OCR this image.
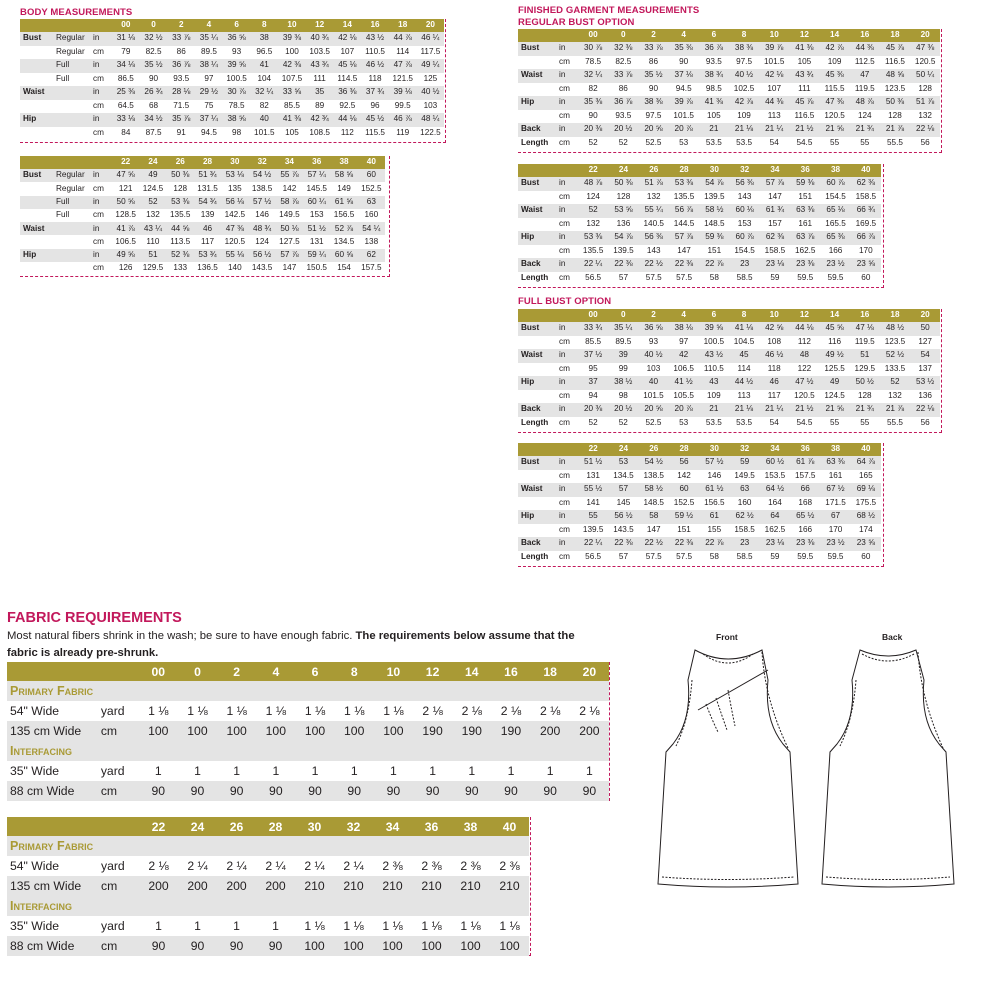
BODY MEASUREMENTS
			00	0	2	4	6	8	10	12	14	16	18	20
Bust	Regular	in	31 ⅛	32 ½	33 ⅞	35 ¼	36 ⅝	38	39 ⅜	40 ¾	42 ⅛	43 ½	44 ⅞	46 ¼
	Regular	cm	79	82.5	86	89.5	93	96.5	100	103.5	107	110.5	114	117.5
	Full	in	34 ⅛	35 ½	36 ⅞	38 ¼	39 ⅝	41	42 ⅜	43 ¾	45 ⅛	46 ½	47 ⅞	49 ¼
	Full	cm	86.5	90	93.5	97	100.5	104	107.5	111	114.5	118	121.5	125
Waist		in	25 ⅜	26 ¾	28 ⅛	29 ½	30 ⅞	32 ¼	33 ⅝	35	36 ⅜	37 ¾	39 ⅛	40 ½
		cm	64.5	68	71.5	75	78.5	82	85.5	89	92.5	96	99.5	103
Hip		in	33 ⅛	34 ½	35 ⅞	37 ¼	38 ⅝	40	41 ⅜	42 ¾	44 ⅛	45 ½	46 ⅞	48 ¼
		cm	84	87.5	91	94.5	98	101.5	105	108.5	112	115.5	119	122.5
			22	24	26	28	30	32	34	36	38	40
Bust	Regular	in	47 ⅝	49	50 ⅜	51 ¾	53 ⅛	54 ½	55 ⅞	57 ¼	58 ⅝	60
	Regular	cm	121	124.5	128	131.5	135	138.5	142	145.5	149	152.5
	Full	in	50 ⅝	52	53 ⅜	54 ¾	56 ⅛	57 ½	58 ⅞	60 ¼	61 ⅝	63
	Full	cm	128.5	132	135.5	139	142.5	146	149.5	153	156.5	160
Waist		in	41 ⅞	43 ¼	44 ⅝	46	47 ⅜	48 ¾	50 ⅛	51 ½	52 ⅞	54 ¼
		cm	106.5	110	113.5	117	120.5	124	127.5	131	134.5	138
Hip		in	49 ⅝	51	52 ⅜	53 ¾	55 ⅛	56 ½	57 ⅞	59 ¼	60 ⅝	62
		cm	126	129.5	133	136.5	140	143.5	147	150.5	154	157.5
FINISHED GARMENT MEASUREMENTS
REGULAR BUST OPTION
		00	0	2	4	6	8	10	12	14	16	18	20
Bust	in	30 ⅞	32 ⅜	33 ⅞	35 ⅜	36 ⅞	38 ⅜	39 ⅞	41 ⅜	42 ⅞	44 ⅜	45 ⅞	47 ⅜
	cm	78.5	82.5	86	90	93.5	97.5	101.5	105	109	112.5	116.5	120.5
Waist	in	32 ¼	33 ⅞	35 ½	37 ⅛	38 ¾	40 ½	42 ⅛	43 ¾	45 ⅜	47	48 ⅝	50 ¼
	cm	82	86	90	94.5	98.5	102.5	107	111	115.5	119.5	123.5	128
Hip	in	35 ⅜	36 ⅞	38 ⅜	39 ⅞	41 ⅜	42 ⅞	44 ⅜	45 ⅞	47 ⅜	48 ⅞	50 ⅜	51 ⅞
	cm	90	93.5	97.5	101.5	105	109	113	116.5	120.5	124	128	132
Back	in	20 ⅜	20 ½	20 ⅝	20 ⅞	21	21 ⅛	21 ¼	21 ½	21 ⅝	21 ¾	21 ⅞	22 ⅛
Length	cm	52	52	52.5	53	53.5	53.5	54	54.5	55	55	55.5	56
		22	24	26	28	30	32	34	36	38	40
Bust	in	48 ⅞	50 ⅜	51 ⅞	53 ⅜	54 ⅞	56 ⅜	57 ⅞	59 ⅜	60 ⅞	62 ⅜
	cm	124	128	132	135.5	139.5	143	147	151	154.5	158.5
Waist	in	52	53 ⅝	55 ¼	56 ⅞	58 ½	60 ⅛	61 ¾	63 ⅜	65 ⅛	66 ¾
	cm	132	136	140.5	144.5	148.5	153	157	161	165.5	169.5
Hip	in	53 ⅜	54 ⅞	56 ⅜	57 ⅞	59 ⅜	60 ⅞	62 ⅜	63 ⅞	65 ⅜	66 ⅞
	cm	135.5	139.5	143	147	151	154.5	158.5	162.5	166	170
Back	in	22 ¼	22 ⅜	22 ½	22 ⅜	22 ⅞	23	23 ⅛	23 ⅜	23 ½	23 ⅝
Length	cm	56.5	57	57.5	57.5	58	58.5	59	59.5	59.5	60
FULL BUST OPTION
		00	0	2	4	6	8	10	12	14	16	18	20
Bust	in	33 ¾	35 ¼	36 ⅝	38 ⅛	39 ⅝	41 ⅛	42 ⅝	44 ⅛	45 ⅝	47 ⅛	48 ½	50
	cm	85.5	89.5	93	97	100.5	104.5	108	112	116	119.5	123.5	127
Waist	in	37 ½	39	40 ½	42	43 ½	45	46 ½	48	49 ½	51	52 ½	54
	cm	95	99	103	106.5	110.5	114	118	122	125.5	129.5	133.5	137
Hip	in	37	38 ½	40	41 ½	43	44 ½	46	47 ½	49	50 ½	52	53 ½
	cm	94	98	101.5	105.5	109	113	117	120.5	124.5	128	132	136
Back	in	20 ⅜	20 ½	20 ⅝	20 ⅞	21	21 ⅛	21 ¼	21 ½	21 ⅝	21 ¾	21 ⅞	22 ⅛
Length	cm	52	52	52.5	53	53.5	53.5	54	54.5	55	55	55.5	56
		22	24	26	28	30	32	34	36	38	40
Bust	in	51 ½	53	54 ½	56	57 ½	59	60 ½	61 ⅞	63 ⅜	64 ⅞
	cm	131	134.5	138.5	142	146	149.5	153.5	157.5	161	165
Waist	in	55 ½	57	58 ½	60	61 ½	63	64 ½	66	67 ½	69 ⅛
	cm	141	145	148.5	152.5	156.5	160	164	168	171.5	175.5
Hip	in	55	56 ½	58	59 ½	61	62 ½	64	65 ½	67	68 ½
	cm	139.5	143.5	147	151	155	158.5	162.5	166	170	174
Back	in	22 ¼	22 ⅜	22 ½	22 ⅜	22 ⅞	23	23 ⅛	23 ⅜	23 ½	23 ⅝
Length	cm	56.5	57	57.5	57.5	58	58.5	59	59.5	59.5	60
FABRIC REQUIREMENTS
Most natural fibers shrink in the wash; be sure to have enough fabric. The requirements below assume that the fabric is already pre-shrunk.
		00	0	2	4	6	8	10	12	14	16	18	20
Primary Fabric													
54" Wide	yard	1 ⅛	1 ⅛	1 ⅛	1 ⅛	1 ⅛	1 ⅛	1 ⅛	2 ⅛	2 ⅛	2 ⅛	2 ⅛	2 ⅛
135 cm Wide	cm	100	100	100	100	100	100	100	190	190	190	200	200
Interfacing													
35" Wide	yard	1	1	1	1	1	1	1	1	1	1	1	1
88 cm Wide	cm	90	90	90	90	90	90	90	90	90	90	90	90
		22	24	26	28	30	32	34	36	38	40
Primary Fabric											
54" Wide	yard	2 ⅛	2 ¼	2 ¼	2 ¼	2 ¼	2 ¼	2 ⅜	2 ⅜	2 ⅜	2 ⅜
135 cm Wide	cm	200	200	200	200	210	210	210	210	210	210
Interfacing											
35" Wide	yard	1	1	1	1	1 ⅛	1 ⅛	1 ⅛	1 ⅛	1 ⅛	1 ⅛
88 cm Wide	cm	90	90	90	90	100	100	100	100	100	100
Front	Back
